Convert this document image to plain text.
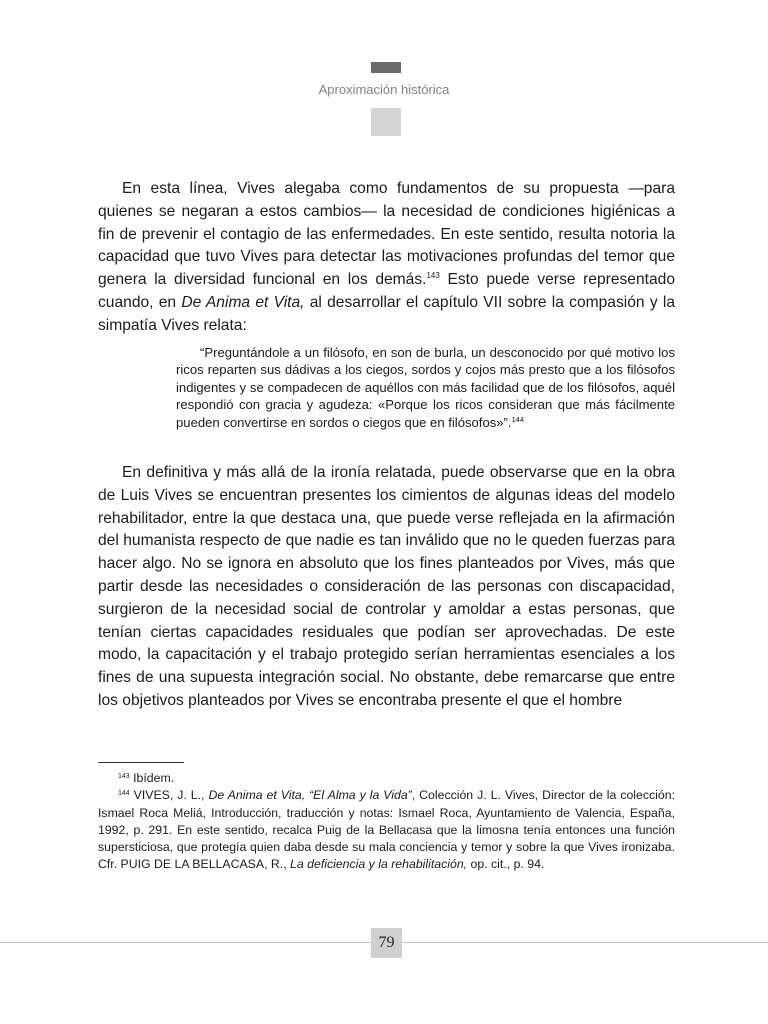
Aproximación histórica

En esta línea, Vives alegaba como fundamentos de su propuesta —para quienes se negaran a estos cambios— la necesidad de condiciones higiénicas a fin de prevenir el contagio de las enfermedades. En este sentido, resulta notoria la capacidad que tuvo Vives para detectar las motivaciones profundas del temor que genera la diversidad funcional en los demás.$^{143}$ Esto puede verse representado cuando, en De Anima et Vita, al desarrollar el capítulo VII sobre la compasión y la simpatía Vives relata:

“Preguntándole a un filósofo, en son de burla, un desconocido por qué motivo los ricos reparten sus dádivas a los ciegos, sordos y cojos más presto que a los filósofos indigentes y se compadecen de aquéllos con más facilidad que de los filósofos, aquél respondió con gracia y agudeza: «Porque los ricos consideran que más fácilmente pueden convertirse en sordos o ciegos que en filósofos»”.$^{144}$

En definitiva y más allá de la ironía relatada, puede observarse que en la obra de Luis Vives se encuentran presentes los cimientos de algunas ideas del modelo rehabilitador, entre la que destaca una, que puede verse reflejada en la afirmación del humanista respecto de que nadie es tan inválido que no le queden fuerzas para hacer algo. No se ignora en absoluto que los fines planteados por Vives, más que partir desde las necesidades o consideración de las personas con discapacidad, surgieron de la necesidad social de controlar y amoldar a estas personas, que tenían ciertas capacidades residuales que podían ser aprovechadas. De este modo, la capacitación y el trabajo protegido serían herramientas esenciales a los fines de una supuesta integración social. No obstante, debe remarcarse que entre los objetivos planteados por Vives se encontraba presente el que el hombre

$^{143}$ Ibídem.

$^{144}$ VIVES, J. L., De Anima et Vita, “El Alma y la Vida”, Colección J. L. Vives, Director de la colección: Ismael Roca Meliá, Introducción, traducción y notas: Ismael Roca, Ayuntamiento de Valencia, España, 1992, p. 291. En este sentido, recalca Puig de la Bellacasa que la limosna tenía entonces una función supersticiosa, que protegía quien daba desde su mala conciencia y temor y sobre la que Vives ironizaba. Cfr. PUIG DE LA BELLACASA, R., La deficiencia y la rehabilitación, op. cit., p. 94.

79
